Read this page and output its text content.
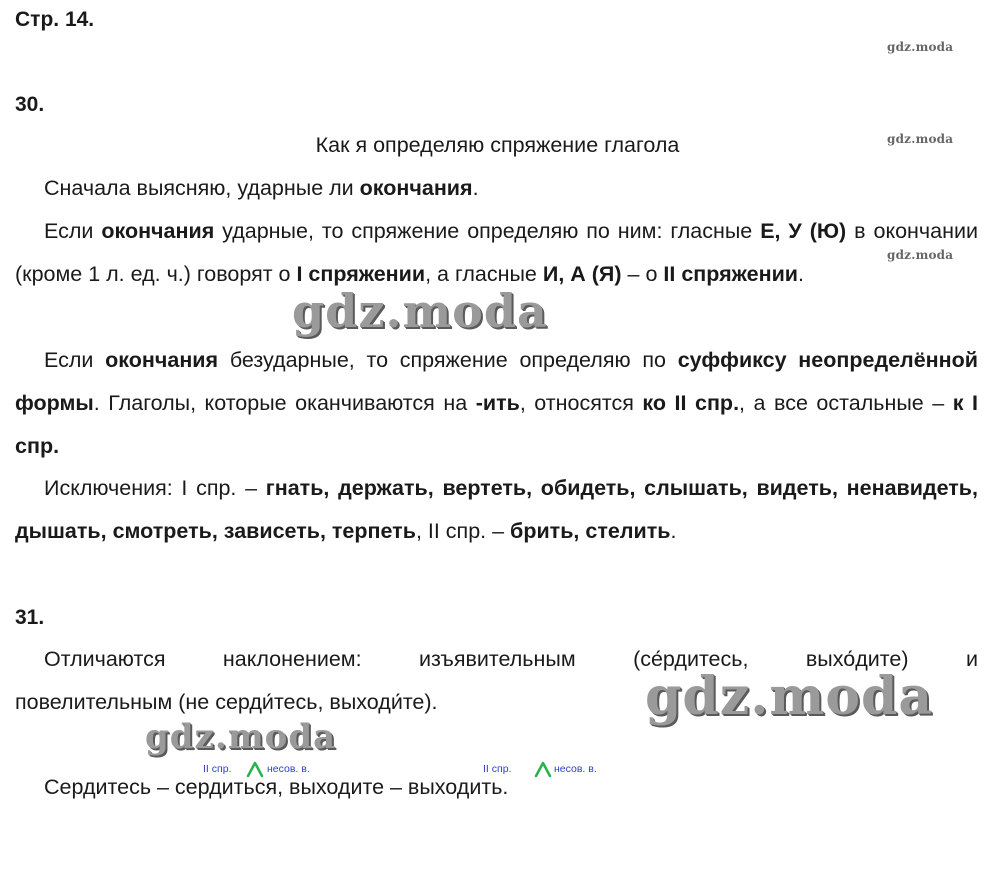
Стр. 14.
gdz.moda
gdz.moda
gdz.moda
30.
Как я определяю спряжение глагола
Сначала выясняю, ударные ли окончания.
Если окончания ударные, то спряжение определяю по ним: гласные Е, У (Ю) в окончании (кроме 1 л. ед. ч.) говорят о I спряжении, а гласные И, А (Я) – о II спряжении.
Если окончания безударные, то спряжение определяю по суффиксу неопределённой формы. Глаголы, которые оканчиваются на -ить, относятся ко II спр., а все остальные – к I спр.
Исключения: I спр. – гнать, держать, вертеть, обидеть, слышать, видеть, ненавидеть, дышать, смотреть, зависеть, терпеть, II спр. – брить, стелить.
gdz.moda
31.
Отличаются	наклонением:	изъявительным	(се́рдитесь,	выхо́дите)	и
повелительным (не серди́тесь, выходи́те).	gdz.moda
gdz.moda
II спр.	несов. в.	II спр.	несов. в.
Сердитесь – сердиться, выходите – выходить.
